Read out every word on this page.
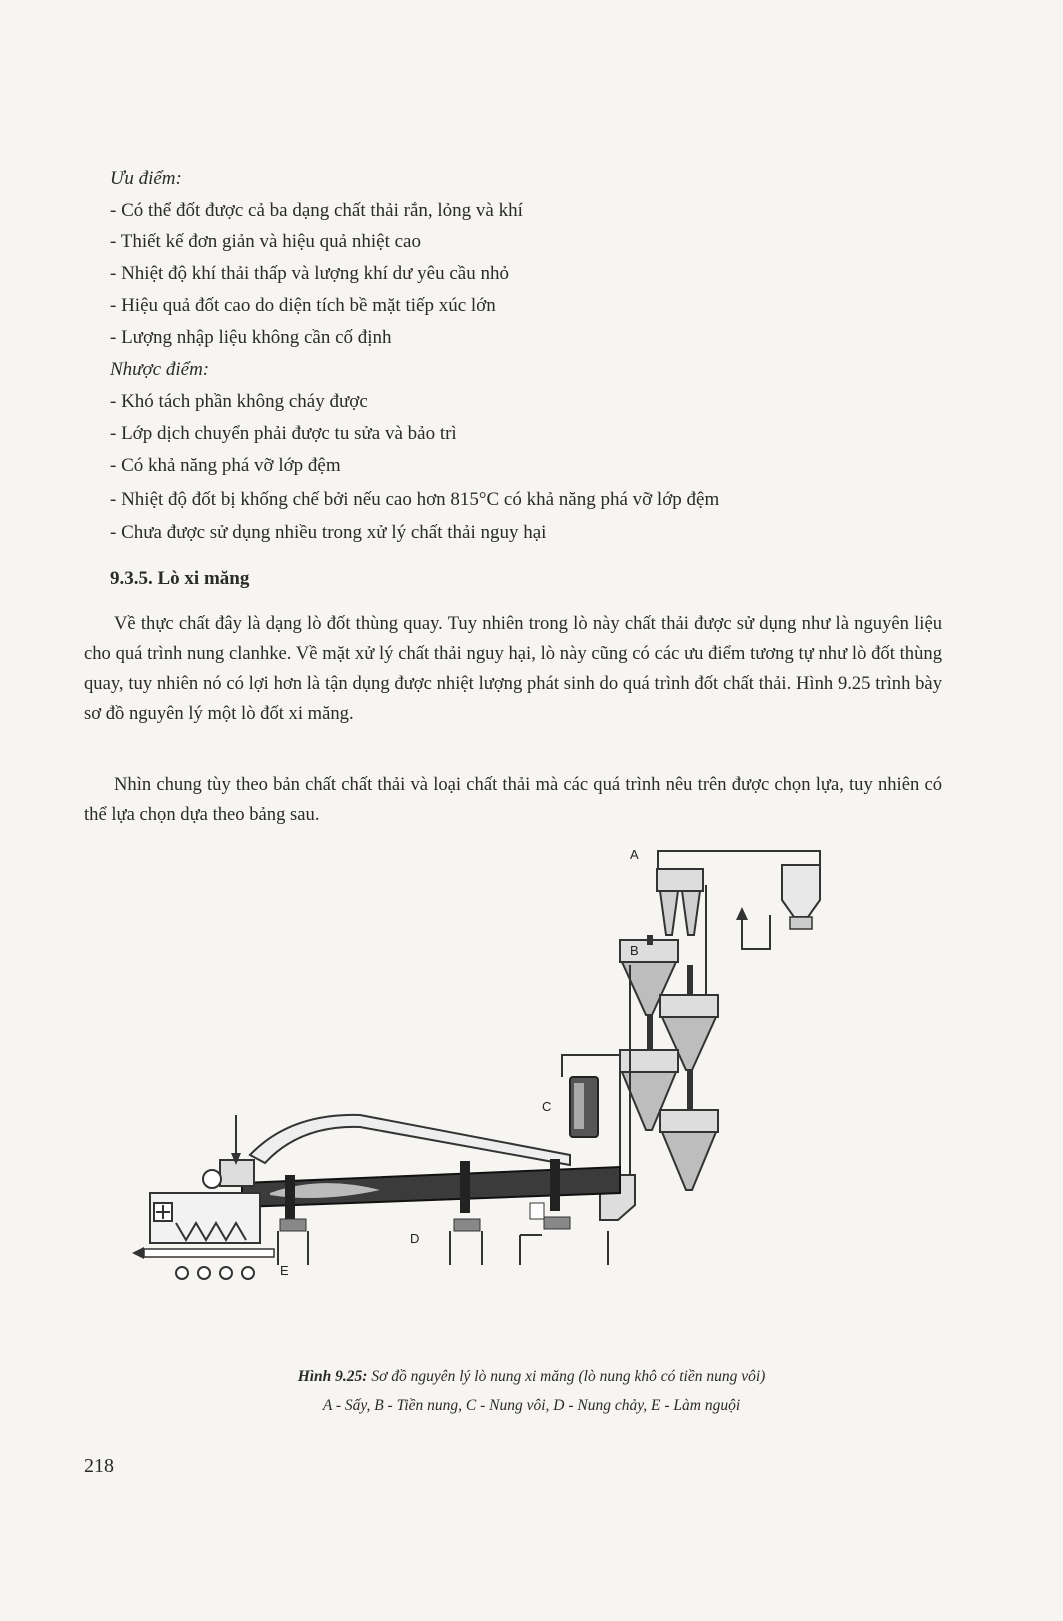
Ưu điểm:
- Có thể đốt được cả ba dạng chất thải rắn, lỏng và khí
- Thiết kế đơn giản và hiệu quả nhiệt cao
- Nhiệt độ khí thải thấp và lượng khí dư yêu cầu nhỏ
- Hiệu quả đốt cao do diện tích bề mặt tiếp xúc lớn
- Lượng nhập liệu không cần cố định
Nhược điểm:
- Khó tách phần không cháy được
- Lớp dịch chuyển phải được tu sửa và bảo trì
- Có khả năng phá vỡ lớp đệm
- Nhiệt độ đốt bị khống chế bởi nếu cao hơn 815°C có khả năng phá vỡ lớp đệm
- Chưa được sử dụng nhiều trong xử lý chất thải nguy hại
9.3.5. Lò xi măng
Về thực chất đây là dạng lò đốt thùng quay. Tuy nhiên trong lò này chất thải được sử dụng như là nguyên liệu cho quá trình nung clanhke. Về mặt xử lý chất thải nguy hại, lò này cũng có các ưu điểm tương tự như lò đốt thùng quay, tuy nhiên nó có lợi hơn là tận dụng được nhiệt lượng phát sinh do quá trình đốt chất thải. Hình 9.25 trình bày sơ đồ nguyên lý một lò đốt xi măng.
Nhìn chung tùy theo bản chất chất thải và loại chất thải mà các quá trình nêu trên được chọn lựa, tuy nhiên có thể lựa chọn dựa theo bảng sau.
A
B
C
D
E
Hình 9.25: Sơ đồ nguyên lý lò nung xi măng (lò nung khô có tiền nung vôi)
A - Sấy, B - Tiền nung, C - Nung vôi, D - Nung chảy, E - Làm nguội
218
